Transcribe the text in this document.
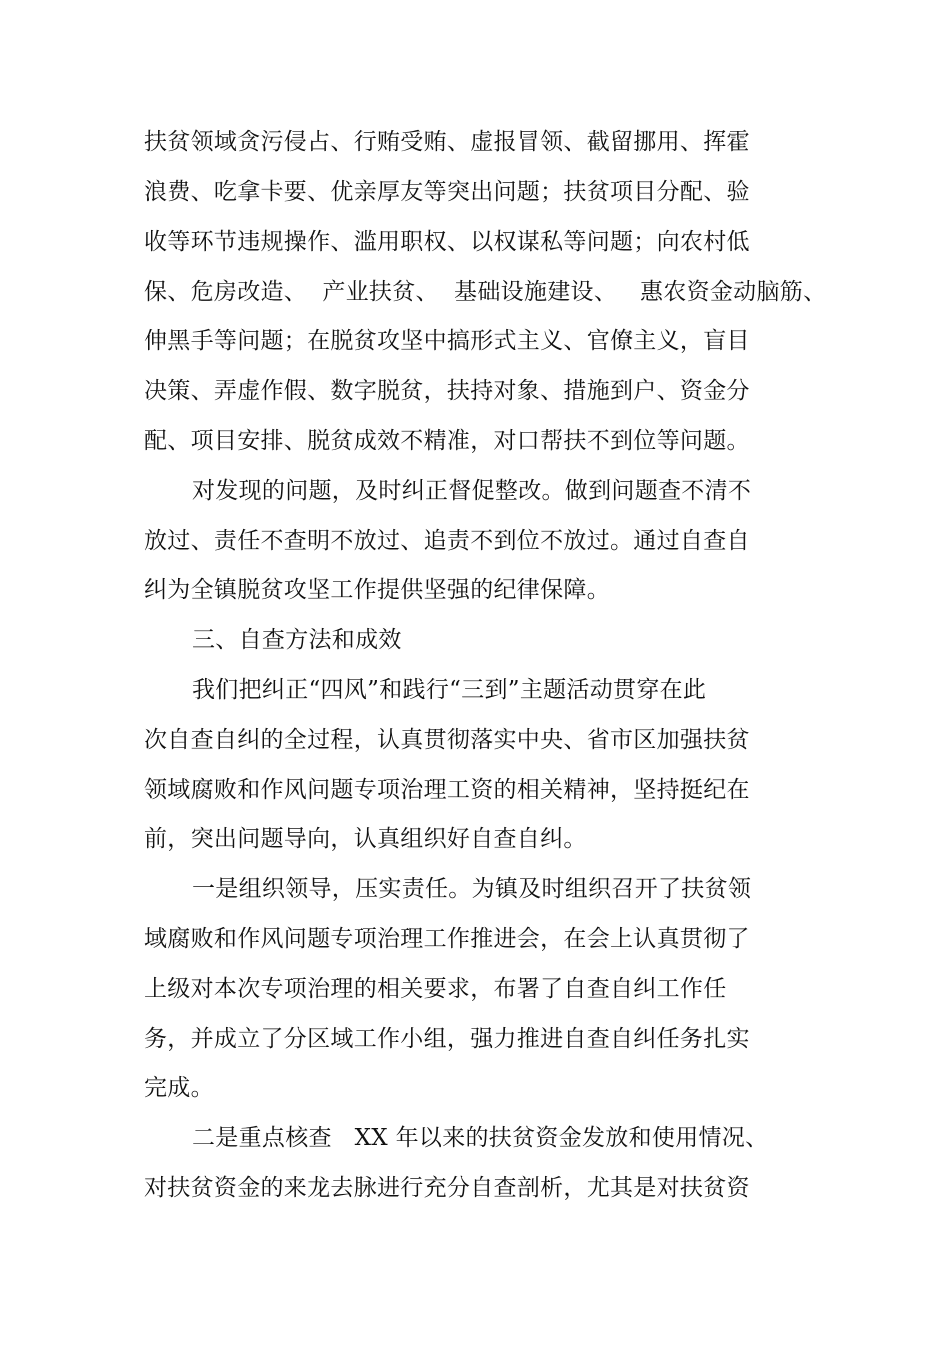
扶贫领域贪污侵占、行贿受贿、虚报冒领、截留挪用、挥霍
浪费、吃拿卡要、优亲厚友等突出问题；扶贫项目分配、验
收等环节违规操作、滥用职权、以权谋私等问题；向农村低
保、危房改造、  产业扶贫、  基础设施建设、   惠农资金动脑筋、
伸黑手等问题；在脱贫攻坚中搞形式主义、官僚主义，盲目
决策、弄虚作假、数字脱贫，扶持对象、措施到户、资金分
配、项目安排、脱贫成效不精准，对口帮扶不到位等问题。
对发现的问题，及时纠正督促整改。做到问题查不清不
放过、责任不查明不放过、追责不到位不放过。通过自查自
纠为全镇脱贫攻坚工作提供坚强的纪律保障。
三、自查方法和成效
我们把纠正“四风”和践行“三到”主题活动贯穿在此
次自查自纠的全过程，认真贯彻落实中央、省市区加强扶贫
领域腐败和作风问题专项治理工资的相关精神，坚持挺纪在
前，突出问题导向，认真组织好自查自纠。
一是组织领导，压实责任。为镇及时组织召开了扶贫领
域腐败和作风问题专项治理工作推进会，在会上认真贯彻了
上级对本次专项治理的相关要求，布署了自查自纠工作任
务，并成立了分区域工作小组，强力推进自查自纠任务扎实
完成。
二是重点核查   XX 年以来的扶贫资金发放和使用情况、
对扶贫资金的来龙去脉进行充分自查剖析，尤其是对扶贫资
